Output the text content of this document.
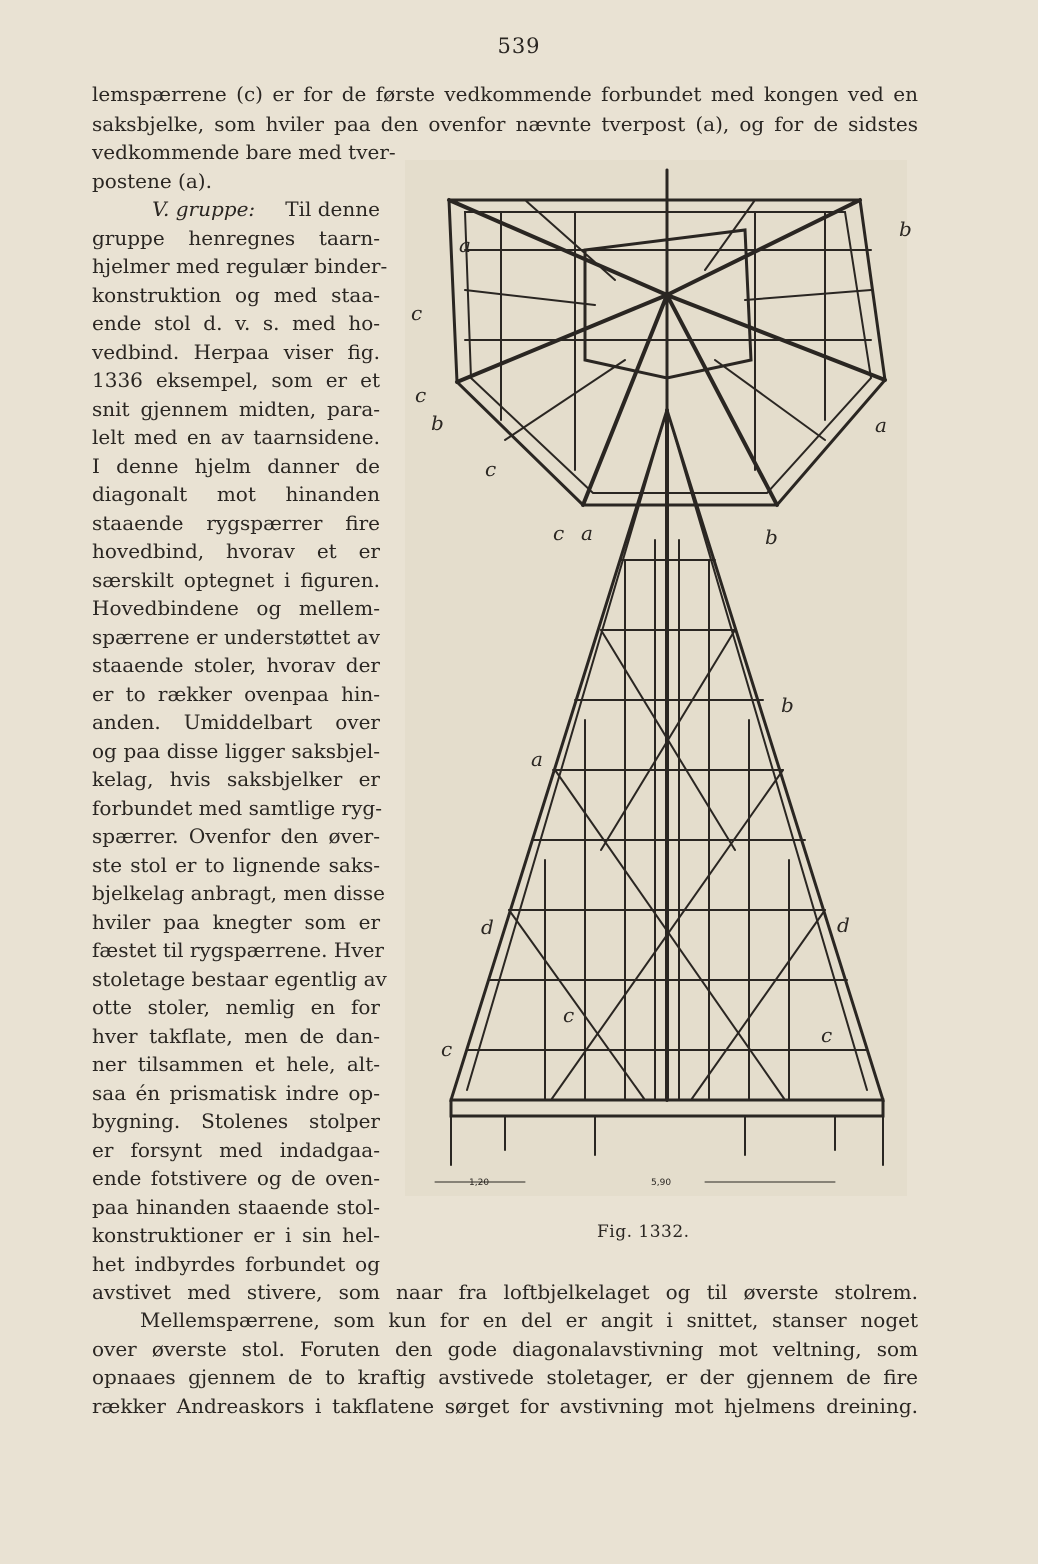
539
lemspærrene (c) er for de første vedkommende forbundet med kongen ved en
saksbjelke, som hviler paa den ovenfor nævnte tverpost (a), og for de sidstes
vedkommende bare med tver-
postene (a).
V. gruppe: Til denne
gruppe henregnes taarn-
hjelmer med regulær binder-
konstruktion og med staa-
ende stol d. v. s. med ho-
vedbind. Herpaa viser fig.
1336 eksempel, som er et
snit gjennem midten, para-
lelt med en av taarnsidene.
I denne hjelm danner de
diagonalt mot hinanden
staaende rygspærrer fire
hovedbind, hvorav et er
særskilt optegnet i figuren.
Hovedbindene og mellem-
spærrene er understøttet av
staaende stoler, hvorav der
er to rækker ovenpaa hin-
anden. Umiddelbart over
og paa disse ligger saksbjel-
kelag, hvis saksbjelker er
forbundet med samtlige ryg-
spærrer. Ovenfor den øver-
ste stol er to lignende saks-
bjelkelag anbragt, men disse
hviler paa knegter som er
fæstet til rygspærrene. Hver
stoletage bestaar egentlig av
otte stoler, nemlig en for
hver takflate, men de dan-
ner tilsammen et hele, alt-
saa én prismatisk indre op-
bygning. Stolenes stolper
er forsynt med indadgaa-
ende fotstivere og de oven-
paa hinanden staaende stol-
konstruktioner er i sin hel-
het indbyrdes forbundet og
avstivet med stivere, som naar fra loftbjelkelaget og til øverste stolrem.
Mellemspærrene, som kun for en del er angit i snittet, stanser noget
over øverste stol. Foruten den gode diagonalavstivning mot veltning, som
opnaaes gjennem de to kraftig avstivede stoletager, er der gjennem de fire
rækker Andreaskors i takflatene sørget for avstivning mot hjelmens dreining.
a
b
c
c
b	a
c
c a	b
b
a
d	d
c
c
c
1,20	5,90
Fig. 1332.
